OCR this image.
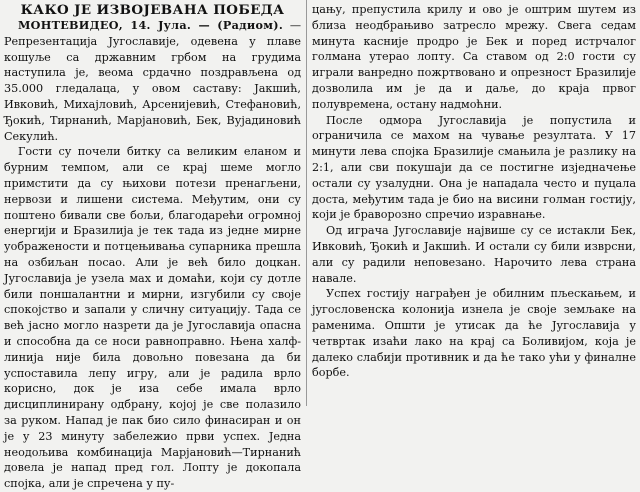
КАКО ЈЕ ИЗВОЈЕВАНА ПОБЕДА

МОНТЕВИДЕО, 14. Јула. — (Радиом). — Репрезентација Југославије, одевена у плаве кошуље са државним грбом на грудима наступила је, веома срдачно поздрављена од 35.000 гледалаца, у овом саставу: Јакшић, Ивковић, Михајловић, Арсенијевић, Стефановић, Ђокић, Тирнанић, Марјановић, Бек, Вујадиновић Секулић.

Гости су почели битку са великим еланом и бурним темпом, али се крај шеме могло примстити да су њихови потези пренагљени, нервози и лишени система. Међутим, они су поштено бивали све бољи, благодарећи огромној енергији и Бразилија је тек тада из једне мирне уображености и потцењивања супарника прешла на озбиљан посао. Али је већ било доцкан. Југославија је узела мах и домаћи, који су дотле били поншалантни и мирни, изгубили су своје спокојство и запали у сличну ситуацију. Тада се већ јасно могло назрети да је Југославија опасна и способна да се носи равноправно. Њена халф-линија није била довољно повезана да би успоставила лепу игру, али је радила врло корисно, док је иза себе имала врло дисциплинирану одбрану, којој је све полазило за руком. Напад је пак био сило финасиран и он је у 23 минуту забележио први успех. Једна неодољива комбинација Марјановић—Тирнанић довела је напад пред гол. Лопту је докопала спојка, али је спречена у пу-

цању, препустила крилу и ово је оштрим шутем из близа неодбрањиво затресло мрежу. Свега седам минута касније продро је Бек и поред истрчалог голмана утерао лопту. Са ставом од 2:0 гости су играли ванредно пожртвовано и опрезност Бразилије дозволила им је да и даље, до краја првог полувремена, остану надмоћни.

После одмора Југославија је попустила и ограничила се махом на чување резултата. У 17 минути лева спојка Бразилије смањила је разлику на 2:1, али сви покушаји да се постигне изједначење остали су узалудни. Она је нападала често и пуцала доста, међутим тада је био на висини голман гостију, који је браворозно спречио изравнање.

Од играча Југославије највише су се истакли Бек, Ивковић, Ђокић и Јакшић. И остали су били изврсни, али су радили неповезано. Нарочито лева страна навале.

Успех гостију награђен је обилним пљескањем, и југословенска колонија изнела је своје земљаке на раменима. Општи је утисак да ће Југославија у четвртак изаћи лако на крај са Боливијом, која је далеко слабији противник и да ће тако ући у финалне борбе.
